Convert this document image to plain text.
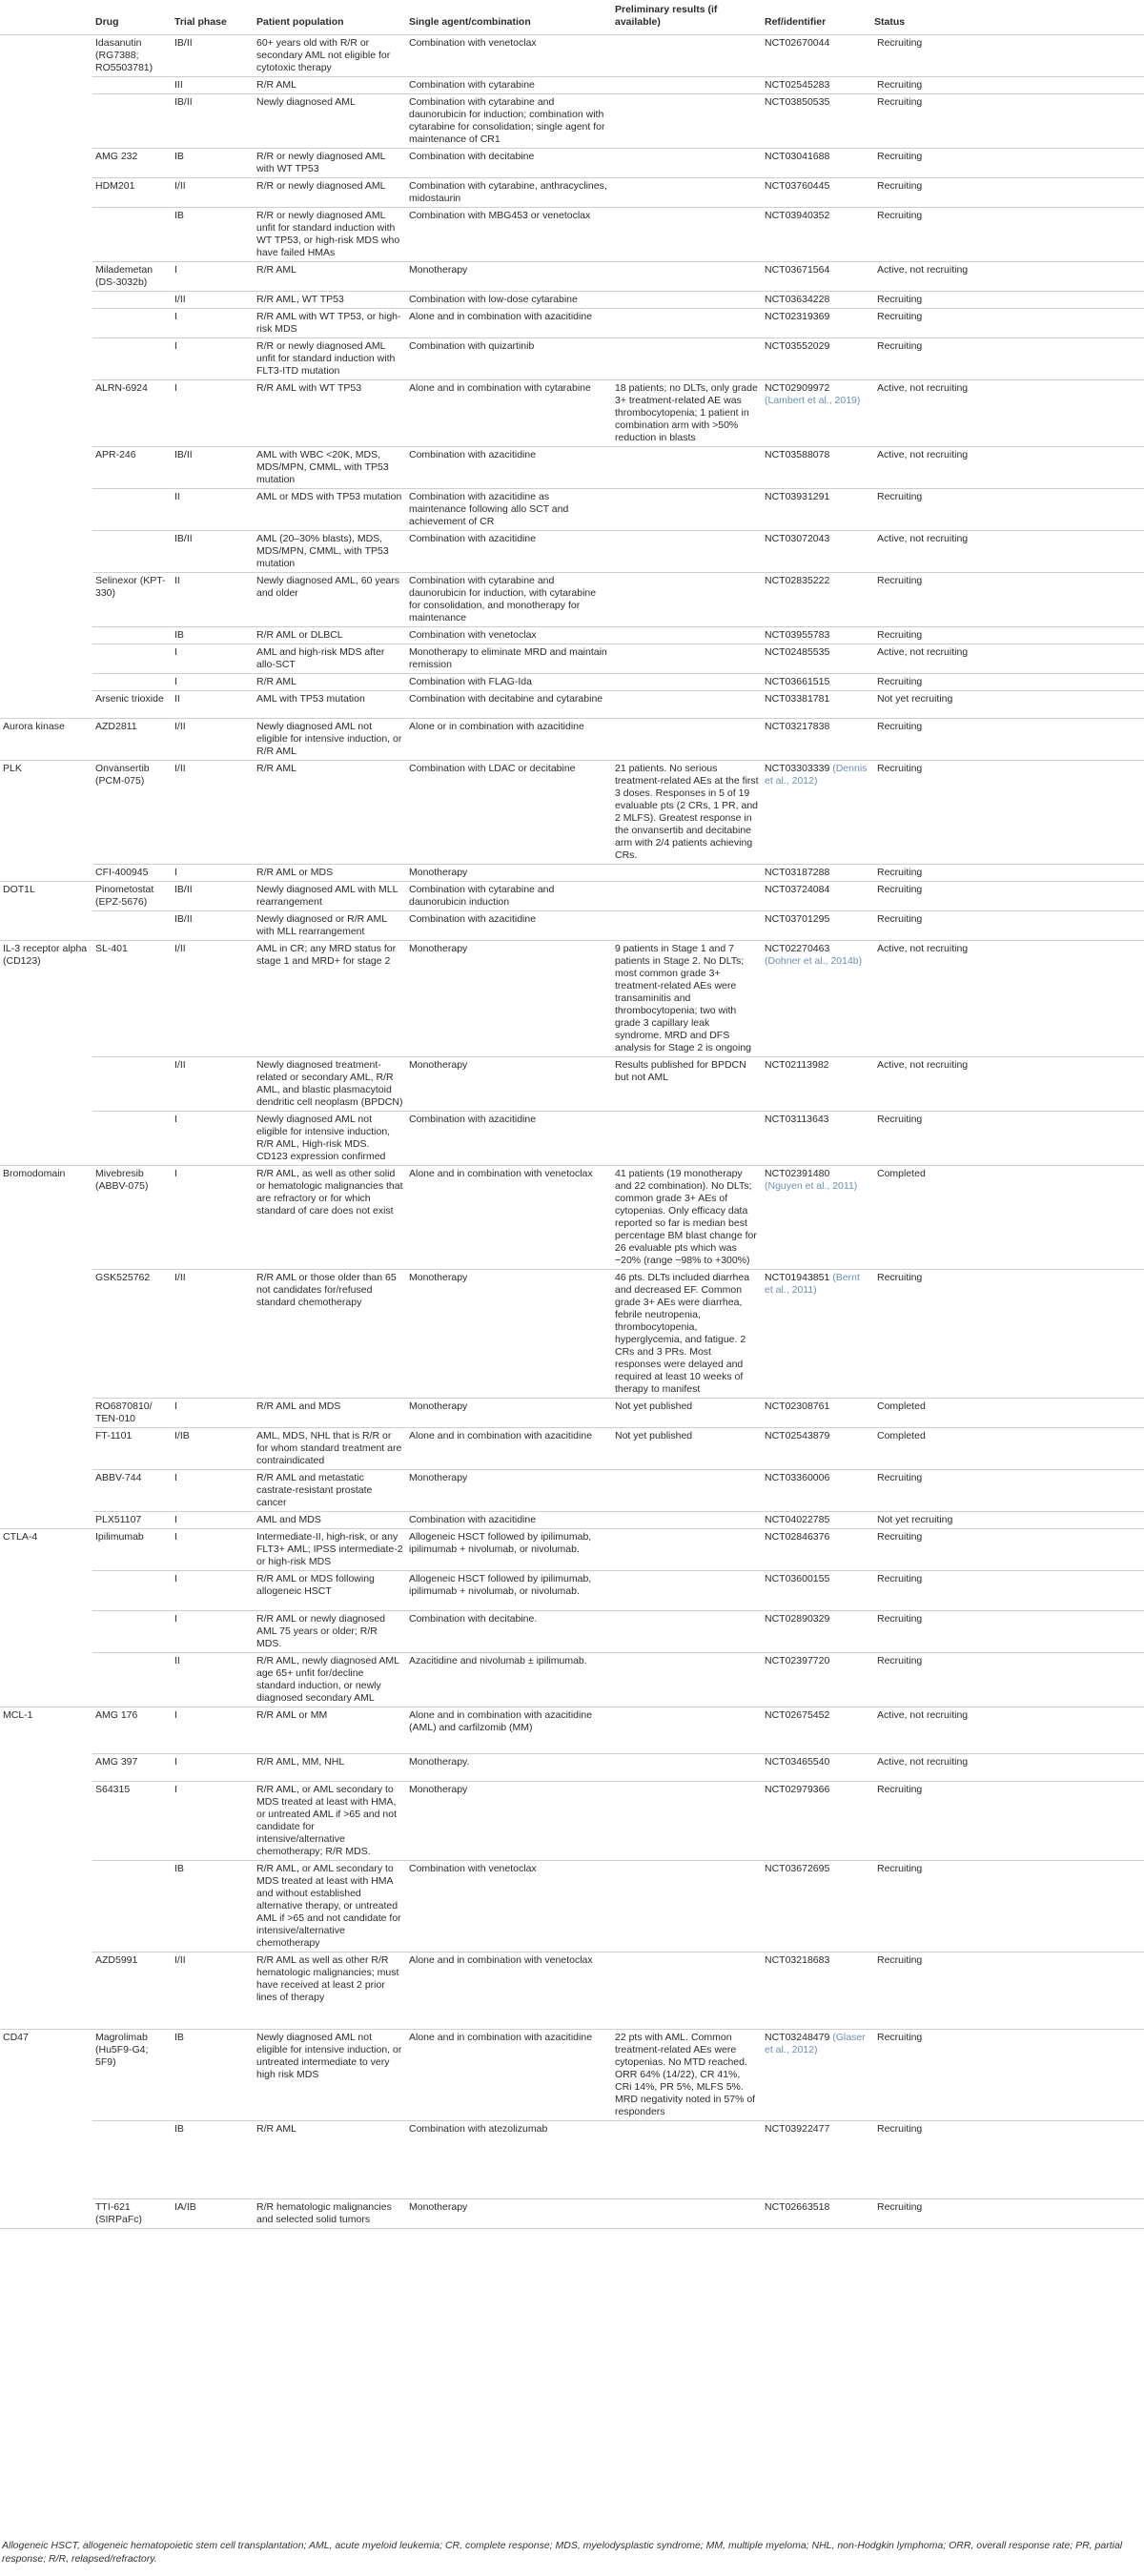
	Drug	Trial phase	Patient population	Single agent/combination	Preliminary results (if available)	Ref/identifier	Status
	Idasanutin (RG7388; RO5503781)	IB/II	60+ years old with R/R or secondary AML not eligible for cytotoxic therapy	Combination with venetoclax		NCT02670044	Recruiting
		III	R/R AML	Combination with cytarabine		NCT02545283	Recruiting
		IB/II	Newly diagnosed AML	Combination with cytarabine and daunorubicin for induction; combination with cytarabine for consolidation; single agent for maintenance of CR1		NCT03850535	Recruiting
	AMG 232	IB	R/R or newly diagnosed AML with WT TP53	Combination with decitabine		NCT03041688	Recruiting
	HDM201	I/II	R/R or newly diagnosed AML	Combination with cytarabine, anthracyclines, midostaurin		NCT03760445	Recruiting
		IB	R/R or newly diagnosed AML unfit for standard induction with WT TP53, or high-risk MDS who have failed HMAs	Combination with MBG453 or venetoclax		NCT03940352	Recruiting
	Milademetan (DS-3032b)	I	R/R AML	Monotherapy		NCT03671564	Active, not recruiting
		I/II	R/R AML, WT TP53	Combination with low-dose cytarabine		NCT03634228	Recruiting
		I	R/R AML with WT TP53, or high-risk MDS	Alone and in combination with azacitidine		NCT02319369	Recruiting
		I	R/R or newly diagnosed AML unfit for standard induction with FLT3-ITD mutation	Combination with quizartinib		NCT03552029	Recruiting
	ALRN-6924	I	R/R AML with WT TP53	Alone and in combination with cytarabine	18 patients; no DLTs, only grade 3+ treatment-related AE was thrombocytopenia; 1 patient in combination arm with >50% reduction in blasts	NCT02909972 (Lambert et al., 2019)	Active, not recruiting
	APR-246	IB/II	AML with WBC <20K, MDS, MDS/MPN, CMML, with TP53 mutation	Combination with azacitidine		NCT03588078	Active, not recruiting
		II	AML or MDS with TP53 mutation	Combination with azacitidine as maintenance following allo SCT and achievement of CR		NCT03931291	Recruiting
		IB/II	AML (20–30% blasts), MDS, MDS/MPN, CMML, with TP53 mutation	Combination with azacitidine		NCT03072043	Active, not recruiting
	Selinexor (KPT-330)	II	Newly diagnosed AML, 60 years and older	Combination with cytarabine and daunorubicin for induction, with cytarabine for consolidation, and monotherapy for maintenance		NCT02835222	Recruiting
		IB	R/R AML or DLBCL	Combination with venetoclax		NCT03955783	Recruiting
		I	AML and high-risk MDS after allo-SCT	Monotherapy to eliminate MRD and maintain remission		NCT02485535	Active, not recruiting
		I	R/R AML	Combination with FLAG-Ida		NCT03661515	Recruiting
	Arsenic trioxide	II	AML with TP53 mutation	Combination with decitabine and cytarabine		NCT03381781	Not yet recruiting
Aurora kinase	AZD2811	I/II	Newly diagnosed AML not eligible for intensive induction, or R/R AML	Alone or in combination with azacitidine		NCT03217838	Recruiting
PLK	Onvansertib (PCM-075)	I/II	R/R AML	Combination with LDAC or decitabine	21 patients. No serious treatment-related AEs at the first 3 doses. Responses in 5 of 19 evaluable pts (2 CRs, 1 PR, and 2 MLFS). Greatest response in the onvansertib and decitabine arm with 2/4 patients achieving CRs.	NCT03303339 (Dennis et al., 2012)	Recruiting
	CFI-400945	I	R/R AML or MDS	Monotherapy		NCT03187288	Recruiting
DOT1L	Pinometostat (EPZ-5676)	IB/II	Newly diagnosed AML with MLL rearrangement	Combination with cytarabine and daunorubicin induction		NCT03724084	Recruiting
		IB/II	Newly diagnosed or R/R AML with MLL rearrangement	Combination with azacitidine		NCT03701295	Recruiting
IL-3 receptor alpha (CD123)	SL-401	I/II	AML in CR; any MRD status for stage 1 and MRD+ for stage 2	Monotherapy	9 patients in Stage 1 and 7 patients in Stage 2. No DLTs; most common grade 3+ treatment-related AEs were transaminitis and thrombocytopenia; two with grade 3 capillary leak syndrome. MRD and DFS analysis for Stage 2 is ongoing	NCT02270463 (Dohner et al., 2014b)	Active, not recruiting
		I/II	Newly diagnosed treatment-related or secondary AML, R/R AML, and blastic plasmacytoid dendritic cell neoplasm (BPDCN)	Monotherapy	Results published for BPDCN but not AML	NCT02113982	Active, not recruiting
		I	Newly diagnosed AML not eligible for intensive induction, R/R AML, High-risk MDS. CD123 expression confirmed	Combination with azacitidine		NCT03113643	Recruiting
Bromodomain	Mivebresib (ABBV-075)	I	R/R AML, as well as other solid or hematologic malignancies that are refractory or for which standard of care does not exist	Alone and in combination with venetoclax	41 patients (19 monotherapy and 22 combination). No DLTs; common grade 3+ AEs of cytopenias. Only efficacy data reported so far is median best percentage BM blast change for 26 evaluable pts which was −20% (range −98% to +300%)	NCT02391480 (Nguyen et al., 2011)	Completed
	GSK525762	I/II	R/R AML or those older than 65 not candidates for/refused standard chemotherapy	Monotherapy	46 pts. DLTs included diarrhea and decreased EF. Common grade 3+ AEs were diarrhea, febrile neutropenia, thrombocytopenia, hyperglycemia, and fatigue. 2 CRs and 3 PRs. Most responses were delayed and required at least 10 weeks of therapy to manifest	NCT01943851 (Bernt et al., 2011)	Recruiting
	RO6870810/ TEN-010	I	R/R AML and MDS	Monotherapy	Not yet published	NCT02308761	Completed
	FT-1101	I/IB	AML, MDS, NHL that is R/R or for whom standard treatment are contraindicated	Alone and in combination with azacitidine	Not yet published	NCT02543879	Completed
	ABBV-744	I	R/R AML and metastatic castrate-resistant prostate cancer	Monotherapy		NCT03360006	Recruiting
	PLX51107	I	AML and MDS	Combination with azacitidine		NCT04022785	Not yet recruiting
CTLA-4	Ipilimumab	I	Intermediate-II, high-risk, or any FLT3+ AML; IPSS intermediate-2 or high-risk MDS	Allogeneic HSCT followed by ipilimumab, ipilimumab + nivolumab, or nivolumab.		NCT02846376	Recruiting
		I	R/R AML or MDS following allogeneic HSCT	Allogeneic HSCT followed by ipilimumab, ipilimumab + nivolumab, or nivolumab.		NCT03600155	Recruiting
		I	R/R AML or newly diagnosed AML 75 years or older; R/R MDS.	Combination with decitabine.		NCT02890329	Recruiting
		II	R/R AML, newly diagnosed AML age 65+ unfit for/decline standard induction, or newly diagnosed secondary AML	Azacitidine and nivolumab ± ipilimumab.		NCT02397720	Recruiting
MCL-1	AMG 176	I	R/R AML or MM	Alone and in combination with azacitidine (AML) and carfilzomib (MM)		NCT02675452	Active, not recruiting
	AMG 397	I	R/R AML, MM, NHL	Monotherapy.		NCT03465540	Active, not recruiting
	S64315	I	R/R AML, or AML secondary to MDS treated at least with HMA, or untreated AML if >65 and not candidate for intensive/alternative chemotherapy; R/R MDS.	Monotherapy		NCT02979366	Recruiting
		IB	R/R AML, or AML secondary to MDS treated at least with HMA and without established alternative therapy, or untreated AML if >65 and not candidate for intensive/alternative chemotherapy	Combination with venetoclax		NCT03672695	Recruiting
	AZD5991	I/II	R/R AML as well as other R/R hematologic malignancies; must have received at least 2 prior lines of therapy	Alone and in combination with venetoclax		NCT03218683	Recruiting
CD47	Magrolimab (Hu5F9-G4; 5F9)	IB	Newly diagnosed AML not eligible for intensive induction, or untreated intermediate to very high risk MDS	Alone and in combination with azacitidine	22 pts with AML. Common treatment-related AEs were cytopenias. No MTD reached. ORR 64% (14/22), CR 41%, CRi 14%, PR 5%, MLFS 5%. MRD negativity noted in 57% of responders	NCT03248479 (Glaser et al., 2012)	Recruiting
		IB	R/R AML	Combination with atezolizumab		NCT03922477	Recruiting
	TTI-621 (SIRPaFc)	IA/IB	R/R hematologic malignancies and selected solid tumors	Monotherapy		NCT02663518	Recruiting
Allogeneic HSCT, allogeneic hematopoietic stem cell transplantation; AML, acute myeloid leukemia; CR, complete response; MDS, myelodysplastic syndrome; MM, multiple myeloma; NHL, non-Hodgkin lymphoma; ORR, overall response rate; PR, partial response; R/R, relapsed/refractory.
